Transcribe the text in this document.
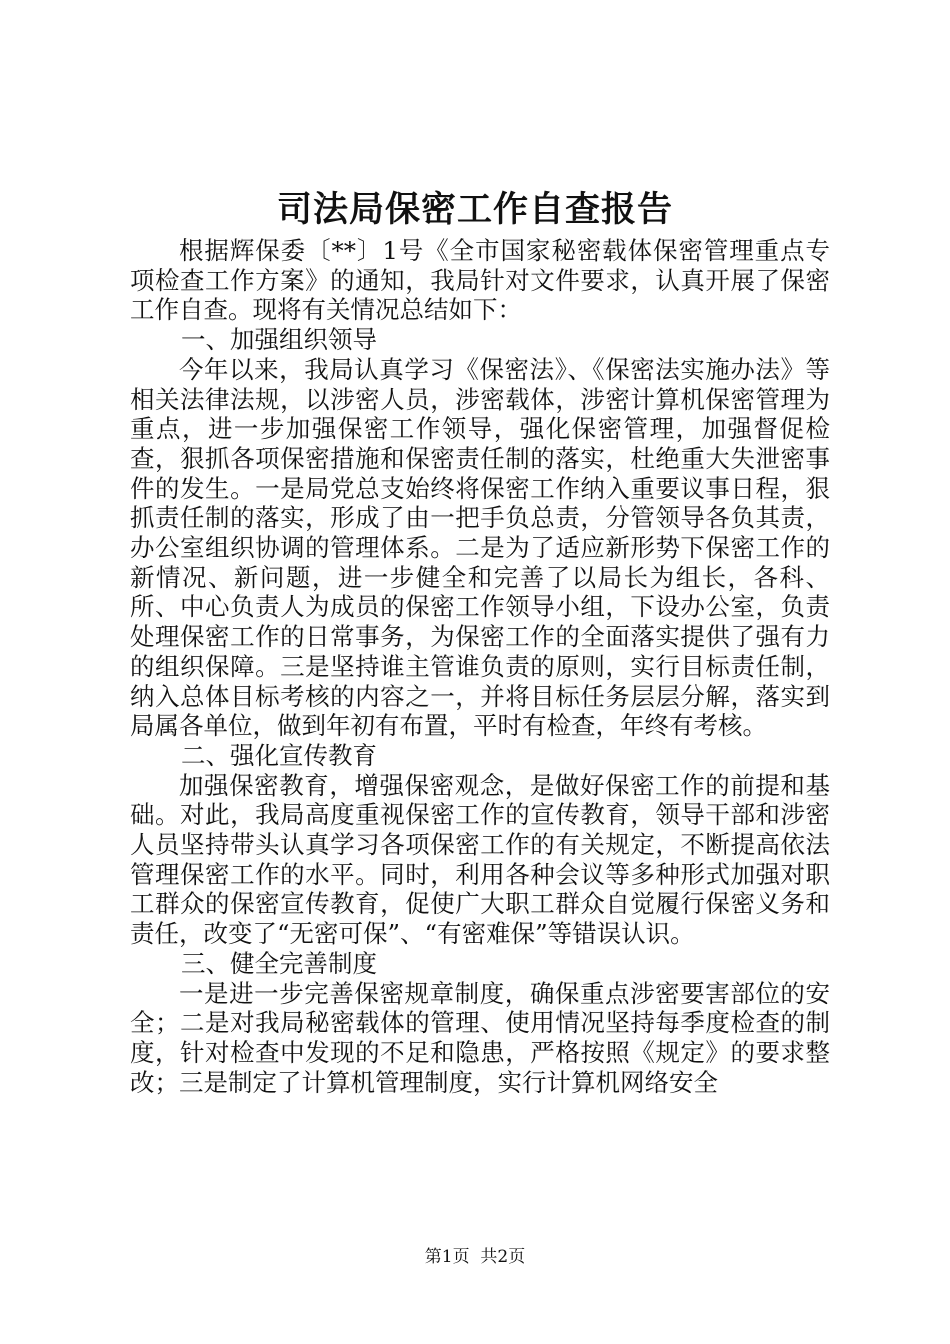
司法局保密工作自查报告

根据辉保委〔**〕1号《全市国家秘密载体保密管理重点专项检查工作方案》的通知，我局针对文件要求，认真开展了保密工作自查。现将有关情况总结如下：

一、加强组织领导

今年以来，我局认真学习《保密法》、《保密法实施办法》等相关法律法规，以涉密人员，涉密载体，涉密计算机保密管理为重点，进一步加强保密工作领导，强化保密管理，加强督促检查，狠抓各项保密措施和保密责任制的落实，杜绝重大失泄密事件的发生。一是局党总支始终将保密工作纳入重要议事日程，狠抓责任制的落实，形成了由一把手负总责，分管领导各负其责，办公室组织协调的管理体系。二是为了适应新形势下保密工作的新情况、新问题，进一步健全和完善了以局长为组长，各科、所、中心负责人为成员的保密工作领导小组，下设办公室，负责处理保密工作的日常事务，为保密工作的全面落实提供了强有力的组织保障。三是坚持谁主管谁负责的原则，实行目标责任制，纳入总体目标考核的内容之一，并将目标任务层层分解，落实到局属各单位，做到年初有布置，平时有检查，年终有考核。

二、强化宣传教育

加强保密教育，增强保密观念，是做好保密工作的前提和基础。对此，我局高度重视保密工作的宣传教育，领导干部和涉密人员坚持带头认真学习各项保密工作的有关规定，不断提高依法管理保密工作的水平。同时，利用各种会议等多种形式加强对职工群众的保密宣传教育，促使广大职工群众自觉履行保密义务和责任，改变了“无密可保”、“有密难保”等错误认识。

三、健全完善制度

一是进一步完善保密规章制度，确保重点涉密要害部位的安全；二是对我局秘密载体的管理、使用情况坚持每季度检查的制度，针对检查中发现的不足和隐患，严格按照《规定》的要求整改；三是制定了计算机管理制度，实行计算机网络安全

第1页 共2页
